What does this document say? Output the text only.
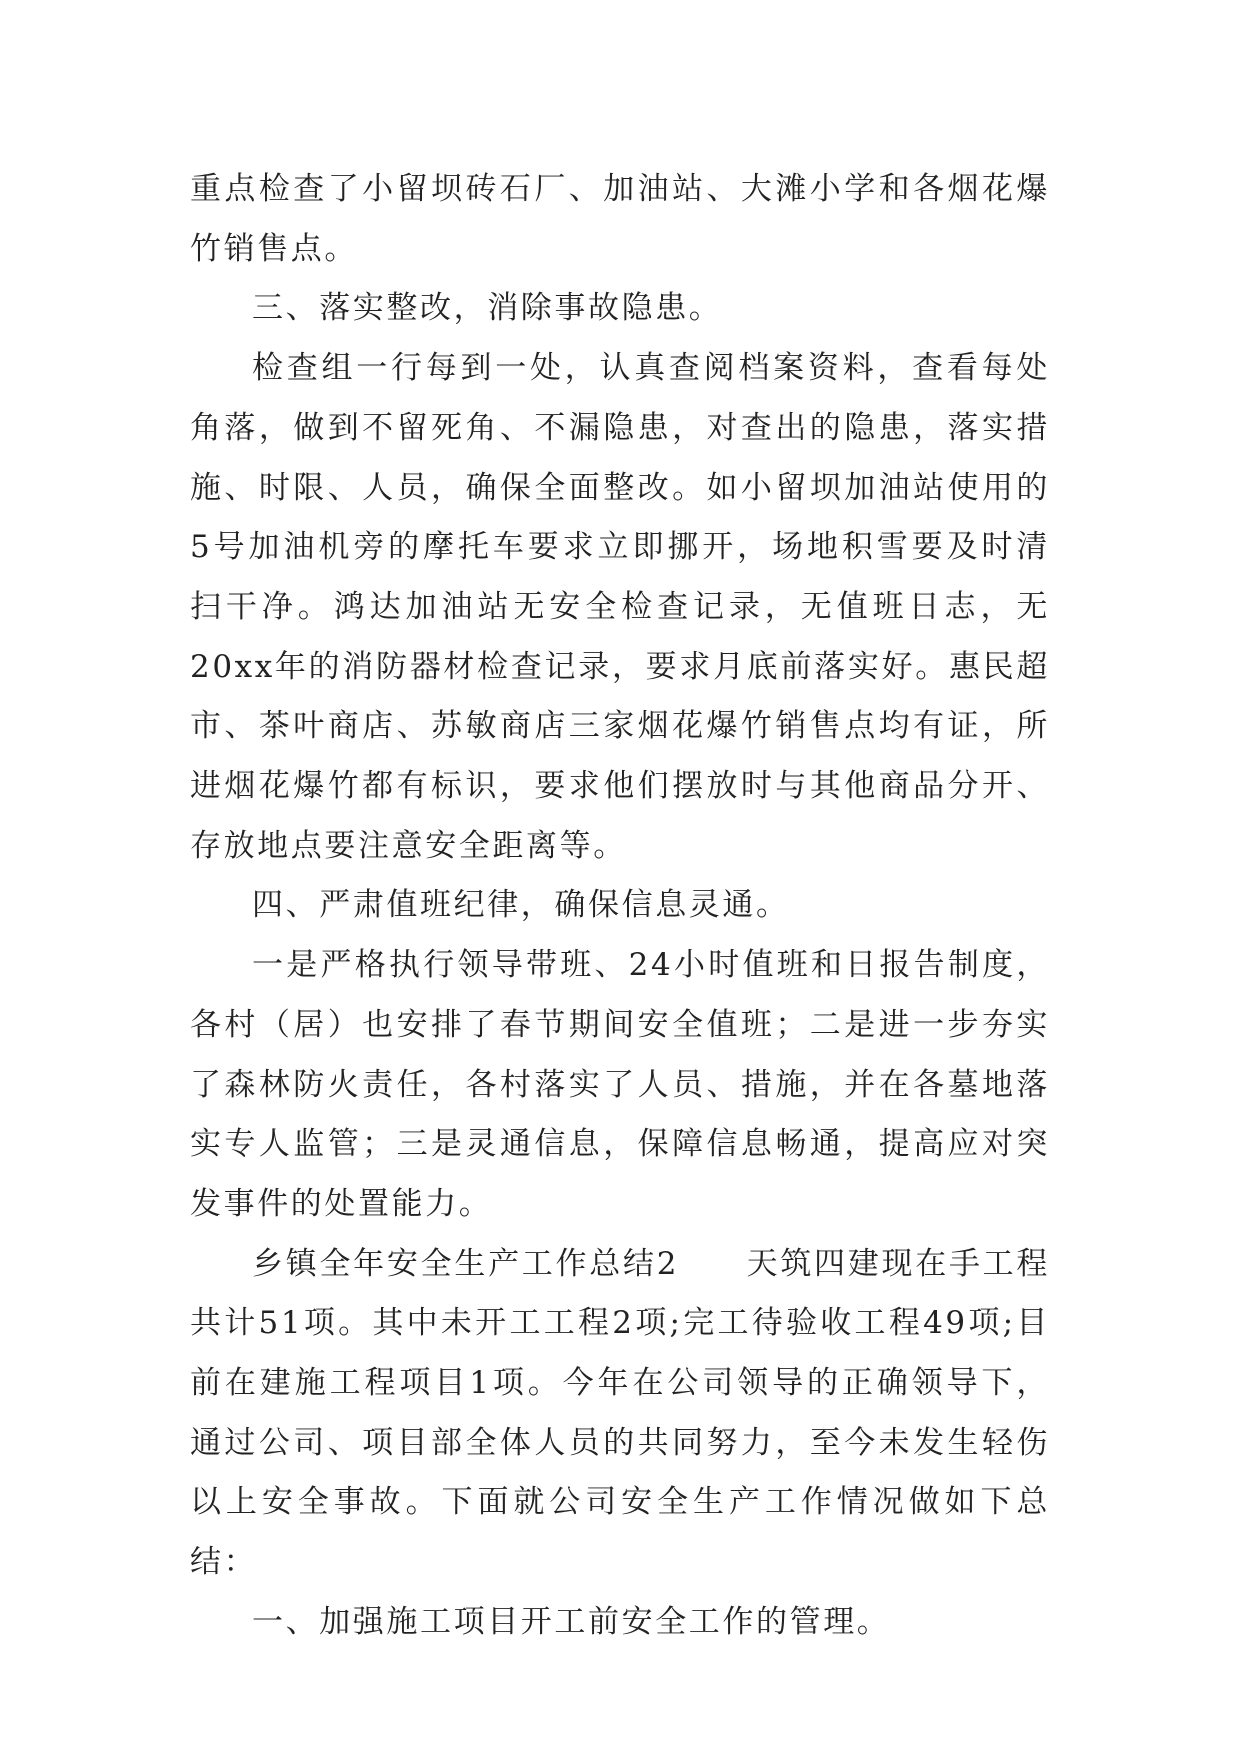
重点检查了小留坝砖石厂、加油站、大滩小学和各烟花爆竹销售点。

三、落实整改，消除事故隐患。

检查组一行每到一处，认真查阅档案资料，查看每处角落，做到不留死角、不漏隐患，对查出的隐患，落实措施、时限、人员，确保全面整改。如小留坝加油站使用的5号加油机旁的摩托车要求立即挪开，场地积雪要及时清扫干净。鸿达加油站无安全检查记录，无值班日志，无20xx年的消防器材检查记录，要求月底前落实好。惠民超市、茶叶商店、苏敏商店三家烟花爆竹销售点均有证，所进烟花爆竹都有标识，要求他们摆放时与其他商品分开、存放地点要注意安全距离等。

四、严肃值班纪律，确保信息灵通。

一是严格执行领导带班、24小时值班和日报告制度，各村（居）也安排了春节期间安全值班；二是进一步夯实了森林防火责任，各村落实了人员、措施，并在各墓地落实专人监管；三是灵通信息，保障信息畅通，提高应对突发事件的处置能力。

乡镇全年安全生产工作总结2　　天筑四建现在手工程共计51项。其中未开工工程2项;完工待验收工程49项;目前在建施工程项目1项。今年在公司领导的正确领导下，通过公司、项目部全体人员的共同努力，至今未发生轻伤以上安全事故。下面就公司安全生产工作情况做如下总结：

一、加强施工项目开工前安全工作的管理。
